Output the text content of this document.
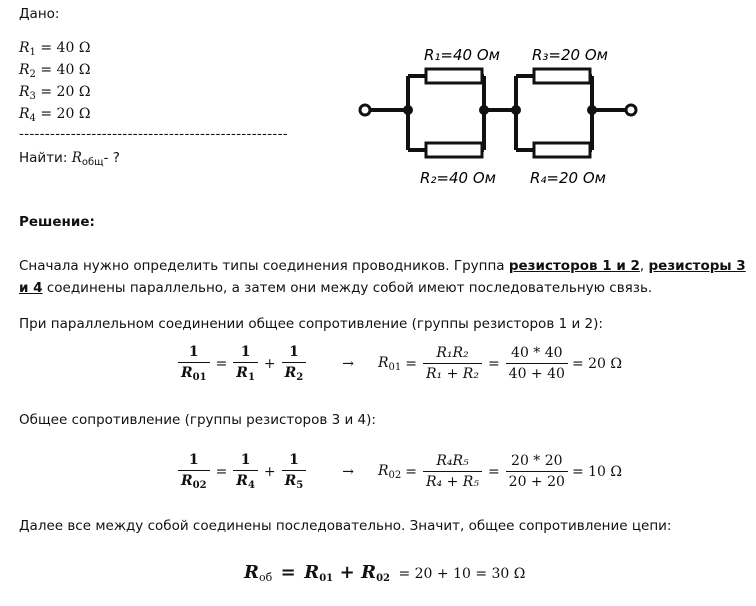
Дано:
$R_1 = 40$ Ω
$R_2 = 40$ Ω
$R_3 = 20$ Ω
$R_4 = 20$ Ω
----------------------------------------------------
Найти: $R_{общ}-$ ?
R₁=40 Ом
R₂=40 Ом
R₃=20 Ом
R₄=20 Ом
Решение:
Сначала нужно определить типы соединения проводников. Группа резисторов 1 и 2, резисторы 3
и 4 соединены параллельно, а затем они между собой имеют последовательную связь.
При параллельном соединении общее сопротивление (группы резисторов 1 и 2):
$\frac{1}{R_{01}} = \frac{1}{R_1} + \frac{1}{R_2}$	→ $R_{01} = \frac{\text{R₁R₂}}{\text{R₁ + R₂}} = \frac{40 * 40}{40 + 40} = 20$ Ω
Общее сопротивление (группы резисторов 3 и 4):
$\frac{1}{R_{02}} = \frac{1}{R_4} + \frac{1}{R_5}$	→ $R_{02} = \frac{\text{R₄R₅}}{\text{R₄ + R₅}} = \frac{20 * 20}{20 + 20} = 10$ Ω
Далее все между собой соединены последовательно. Значит, общее сопротивление цепи:
$R_{об} = R_{01} + R_{02} = 20 + 10 = 30$ Ω
